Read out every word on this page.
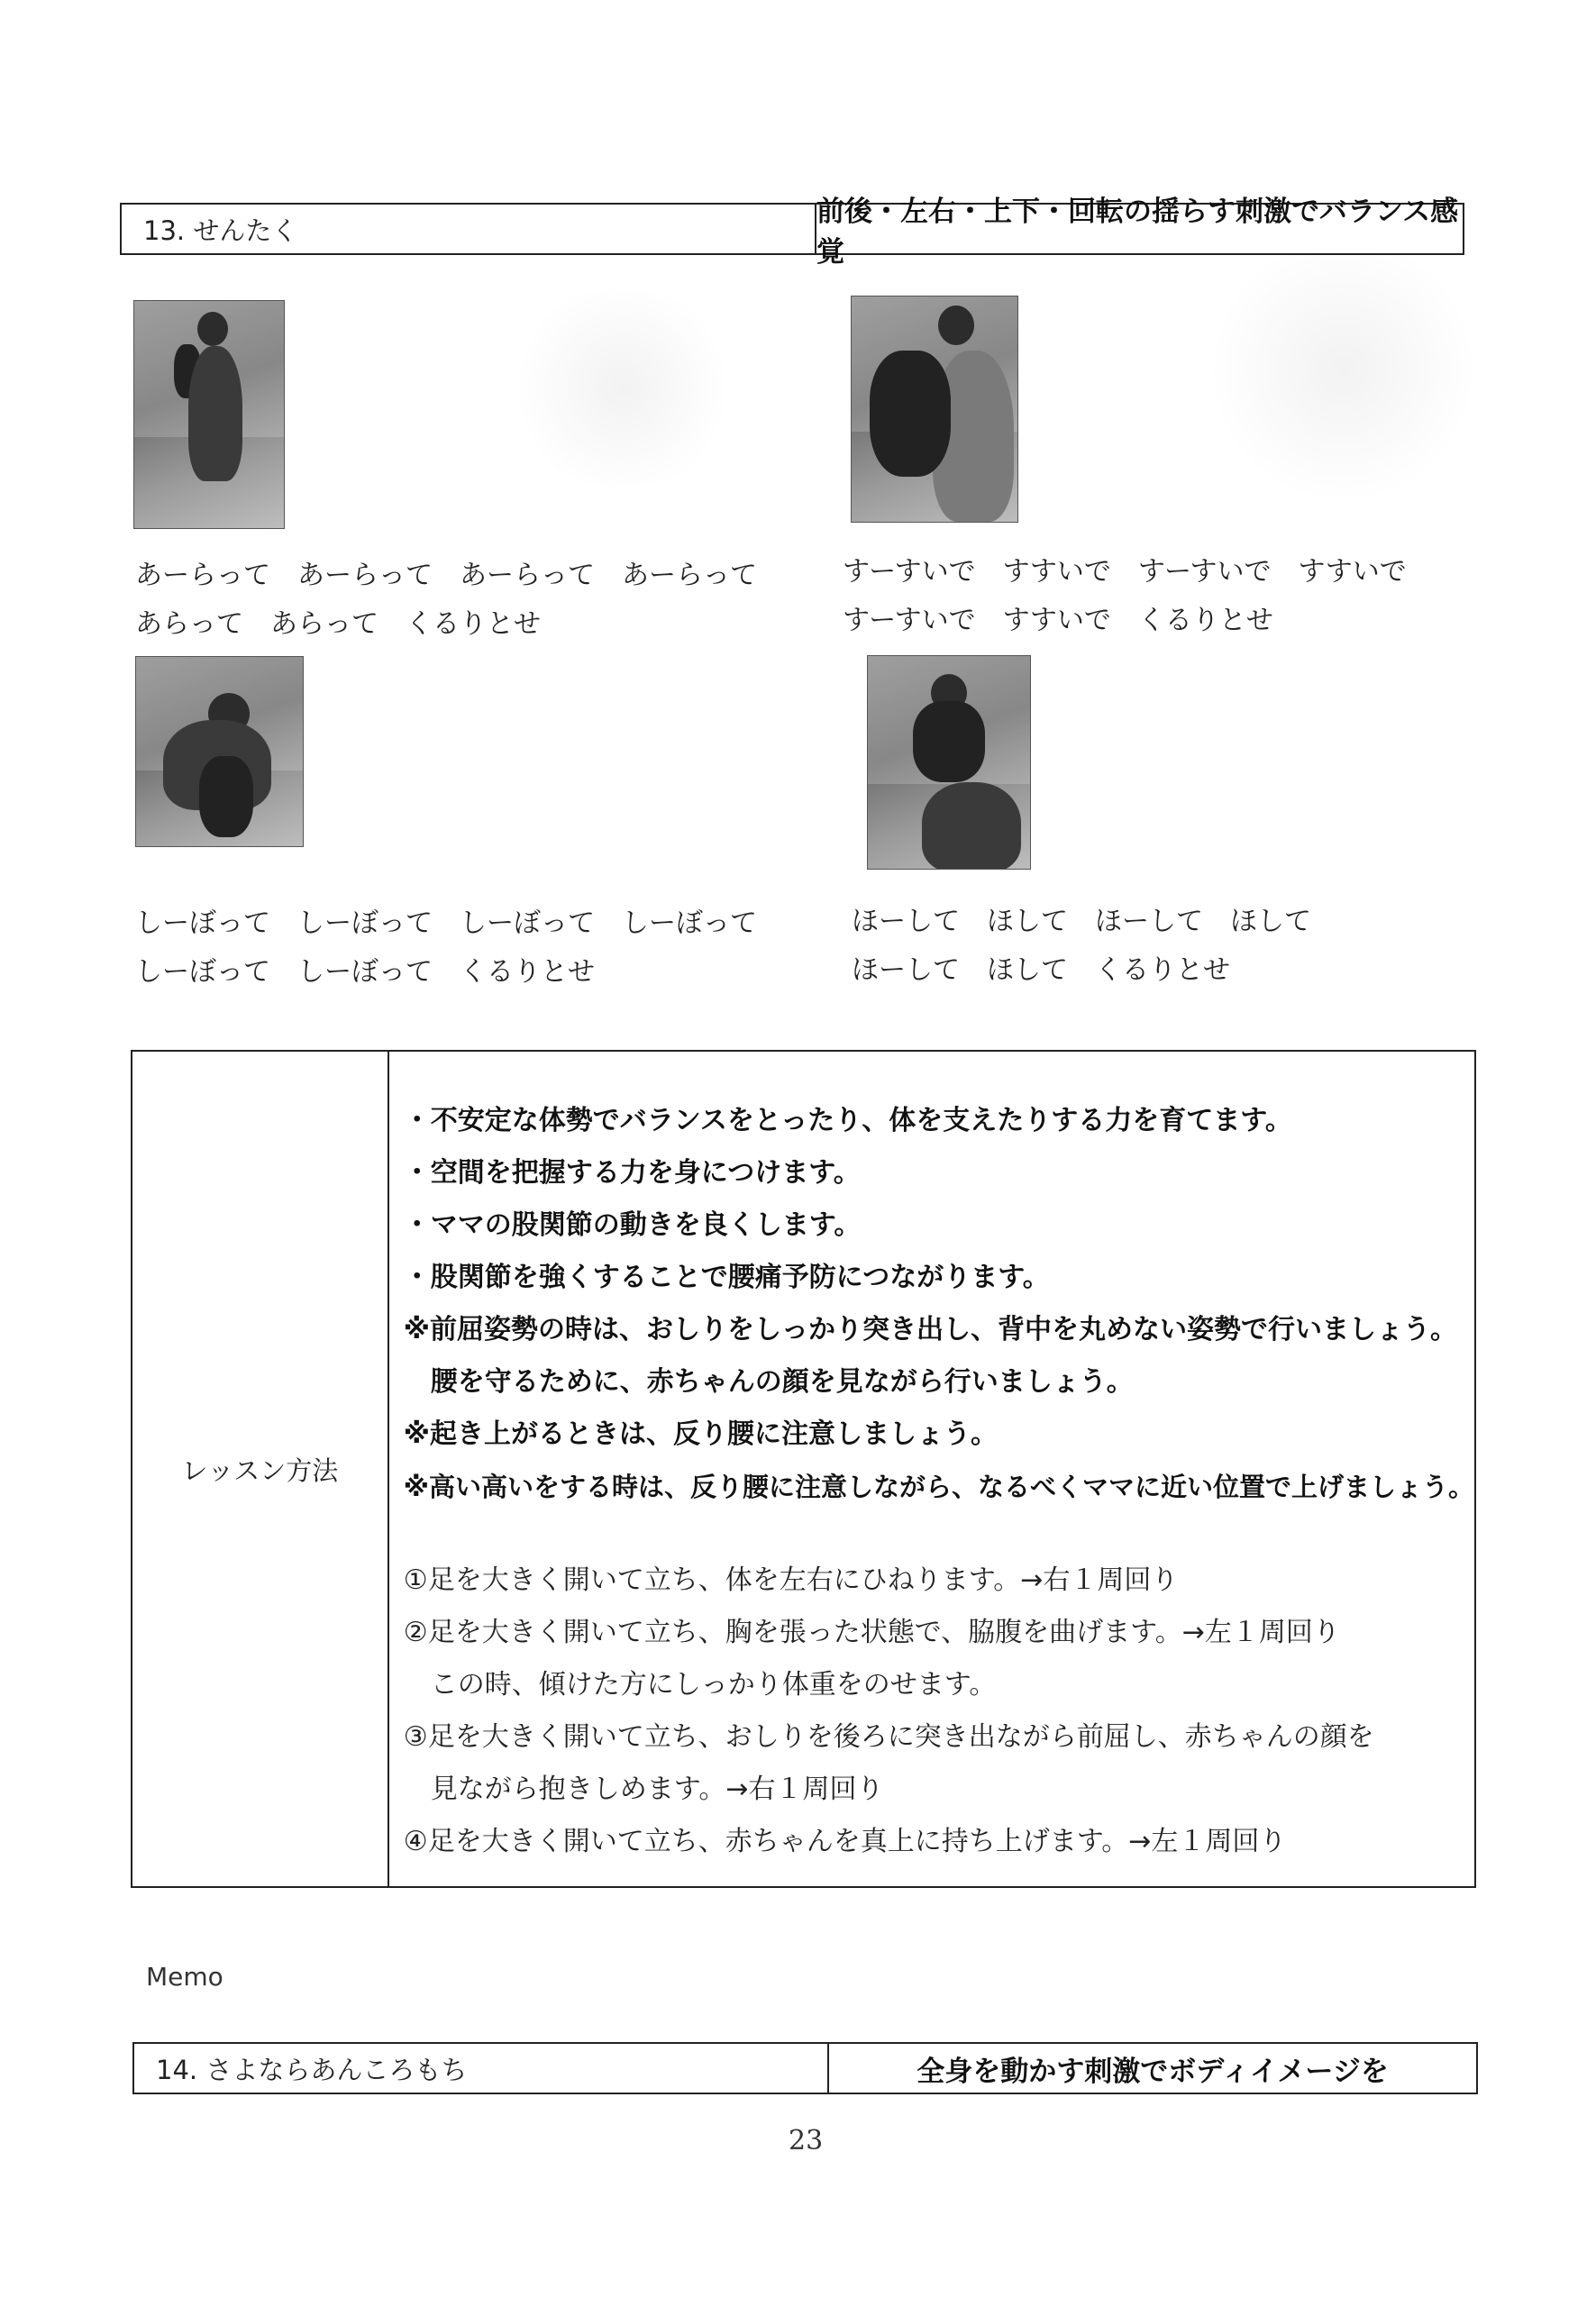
13. せんたく
前後・左右・上下・回転の揺らす刺激でバランス感覚
あーらって　あーらって　あーらって　あーらって
あらって　あらって　くるりとせ
すーすいで　すすいで　すーすいで　すすいで
すーすいで　すすいで　くるりとせ
しーぼって　しーぼって　しーぼって　しーぼって
しーぼって　しーぼって　くるりとせ
ほーして　ほして　ほーして　ほして
ほーして　ほして　くるりとせ
レッスン方法
・不安定な体勢でバランスをとったり、体を支えたりする力を育てます。
・空間を把握する力を身につけます。
・ママの股関節の動きを良くします。
・股関節を強くすることで腰痛予防につながります。
※前屈姿勢の時は、おしりをしっかり突き出し、背中を丸めない姿勢で行いましょう。
　腰を守るために、赤ちゃんの顔を見ながら行いましょう。
※起き上がるときは、反り腰に注意しましょう。
※高い高いをする時は、反り腰に注意しながら、なるべくママに近い位置で上げましょう。
①足を大きく開いて立ち、体を左右にひねります。→右１周回り
②足を大きく開いて立ち、胸を張った状態で、脇腹を曲げます。→左１周回り
　この時、傾けた方にしっかり体重をのせます。
③足を大きく開いて立ち、おしりを後ろに突き出ながら前屈し、赤ちゃんの顔を
　見ながら抱きしめます。→右１周回り
④足を大きく開いて立ち、赤ちゃんを真上に持ち上げます。→左１周回り
Memo
14. さよならあんころもち	全身を動かす刺激でボディイメージを
23
